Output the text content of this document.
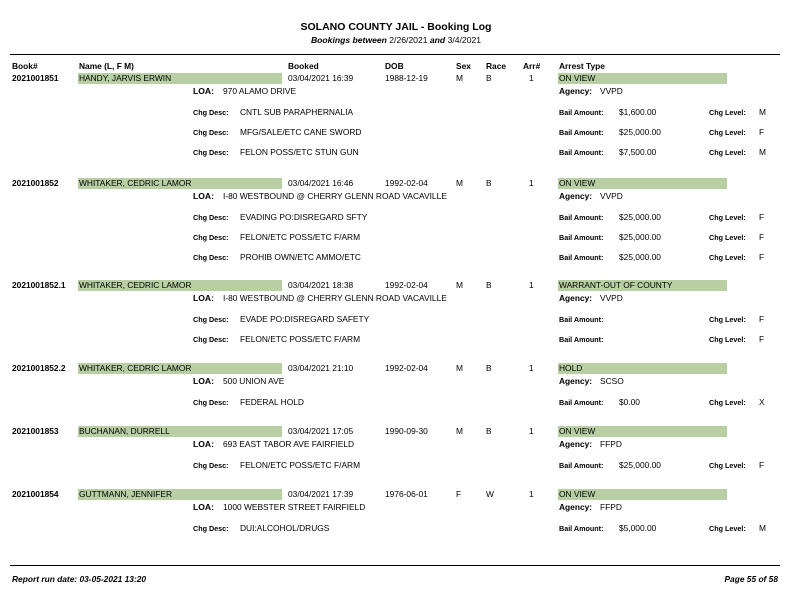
SOLANO COUNTY JAIL - Booking Log
Bookings between 2/26/2021 and 3/4/2021
Book#	Name (L, F M)	Booked	DOB	Sex Race Arr# Arrest Type
2021001851 HANDY, JARVIS ERWIN	03/04/2021 16:39	1988-12-19	M	B	1	ON VIEW
LOA: 970 ALAMO DRIVE	Agency: VVPD
Chg Desc: CNTL SUB PARAPHERNALIA	Bail Amount: $1,600.00	Chg Level: M
Chg Desc: MFG/SALE/ETC CANE SWORD	Bail Amount: $25,000.00	Chg Level: F
Chg Desc: FELON POSS/ETC STUN GUN	Bail Amount: $7,500.00	Chg Level: M
2021001852 WHITAKER, CEDRIC LAMOR	03/04/2021 16:46	1992-02-04	M	B	1	ON VIEW
LOA: I-80 WESTBOUND @ CHERRY GLENN ROAD VACAVILLE	Agency: VVPD
Chg Desc: EVADING PO:DISREGARD SFTY	Bail Amount: $25,000.00	Chg Level: F
Chg Desc: FELON/ETC POSS/ETC F/ARM	Bail Amount: $25,000.00	Chg Level: F
Chg Desc: PROHIB OWN/ETC AMMO/ETC	Bail Amount: $25,000.00	Chg Level: F
2021001852.1 WHITAKER, CEDRIC LAMOR	03/04/2021 18:38	1992-02-04	M	B	1	WARRANT-OUT OF COUNTY
LOA: I-80 WESTBOUND @ CHERRY GLENN ROAD VACAVILLE	Agency: VVPD
Chg Desc: EVADE PO:DISREGARD SAFETY	Bail Amount:	Chg Level: F
Chg Desc: FELON/ETC POSS/ETC F/ARM	Bail Amount:	Chg Level: F
2021001852.2 WHITAKER, CEDRIC LAMOR	03/04/2021 21:10	1992-02-04	M	B	1	HOLD
LOA: 500 UNION AVE	Agency: SCSO
Chg Desc: FEDERAL HOLD	Bail Amount: $0.00	Chg Level: X
2021001853 BUCHANAN, DURRELL	03/04/2021 17:05	1990-09-30	M	B	1	ON VIEW
LOA: 693 EAST TABOR AVE FAIRFIELD	Agency: FFPD
Chg Desc: FELON/ETC POSS/ETC F/ARM	Bail Amount: $25,000.00	Chg Level: F
2021001854 GUTTMANN, JENNIFER	03/04/2021 17:39	1976-06-01	F	W	1	ON VIEW
LOA: 1000 WEBSTER STREET FAIRFIELD	Agency: FFPD
Chg Desc: DUI:ALCOHOL/DRUGS	Bail Amount: $5,000.00	Chg Level: M
Report run date: 03-05-2021 13:20	Page 55 of 58
